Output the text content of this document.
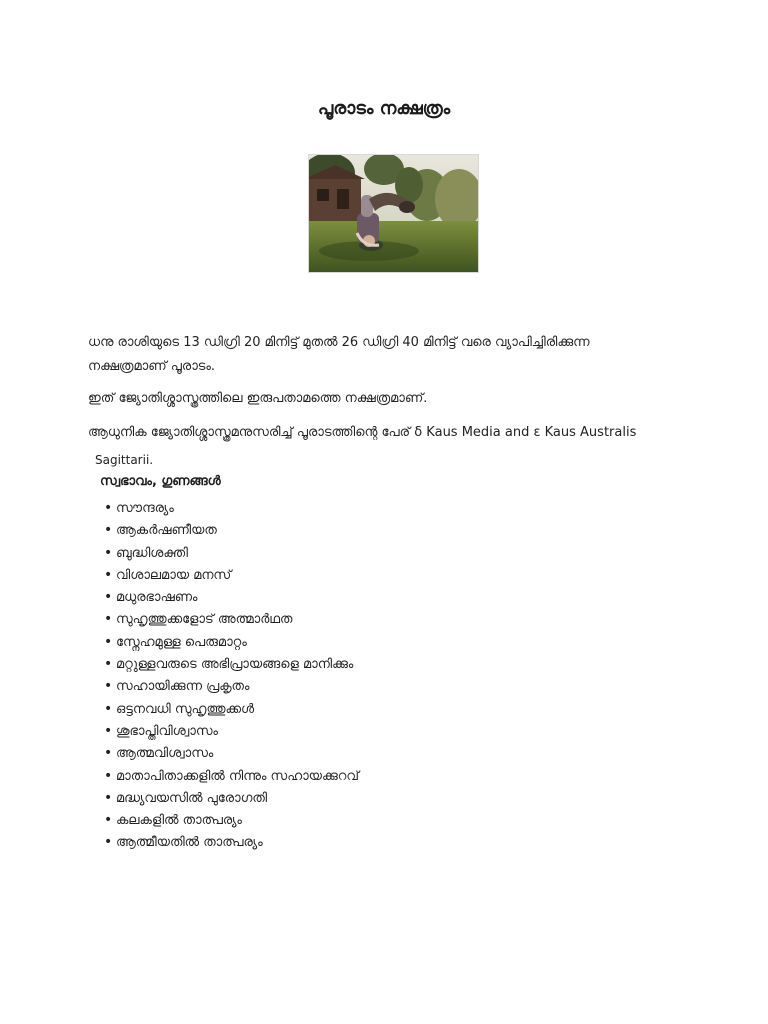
പൂരാടം നക്ഷത്രം
ധനു രാശിയുടെ 13 ഡിഗ്രി 20 മിനിട്ട് മുതൽ 26 ഡിഗ്രി 40 മിനിട്ട് വരെ വ്യാപിച്ചിരിക്കുന്ന
നക്ഷത്രമാണ് പൂരാടം.
ഇത് ജ്യോതിശ്ശാസ്ത്രത്തിലെ ഇരുപതാമത്തെ നക്ഷത്രമാണ്.
ആധുനിക ജ്യോതിശ്ശാസ്ത്രമനുസരിച്ച് പൂരാടത്തിന്റെ പേര് δ Kaus Media and ε Kaus Australis
Sagittarii.
സ്വഭാവം, ഗുണങ്ങൾ
• സൗന്ദര്യം
• ആകർഷണീയത
• ബുദ്ധിശക്തി
• വിശാലമായ മനസ്
• മധുരഭാഷണം
• സുഹൃത്തുക്കളോട് അത്മാർഥത
• സ്നേഹമുള്ള പെരുമാറ്റം
• മറ്റുള്ളവരുടെ അഭിപ്രായങ്ങളെ മാനിക്കും
• സഹായിക്കുന്ന പ്രകൃതം
• ഒട്ടനവധി സുഹൃത്തുക്കൾ
• ശുഭാപ്തിവിശ്വാസം
• ആത്മവിശ്വാസം
• മാതാപിതാക്കളിൽ നിന്നും സഹായക്കുറവ്
• മദ്ധ്യവയസിൽ പുരോഗതി
• കലകളിൽ താത്പര്യം
• ആത്മീയതിൽ താത്പര്യം
